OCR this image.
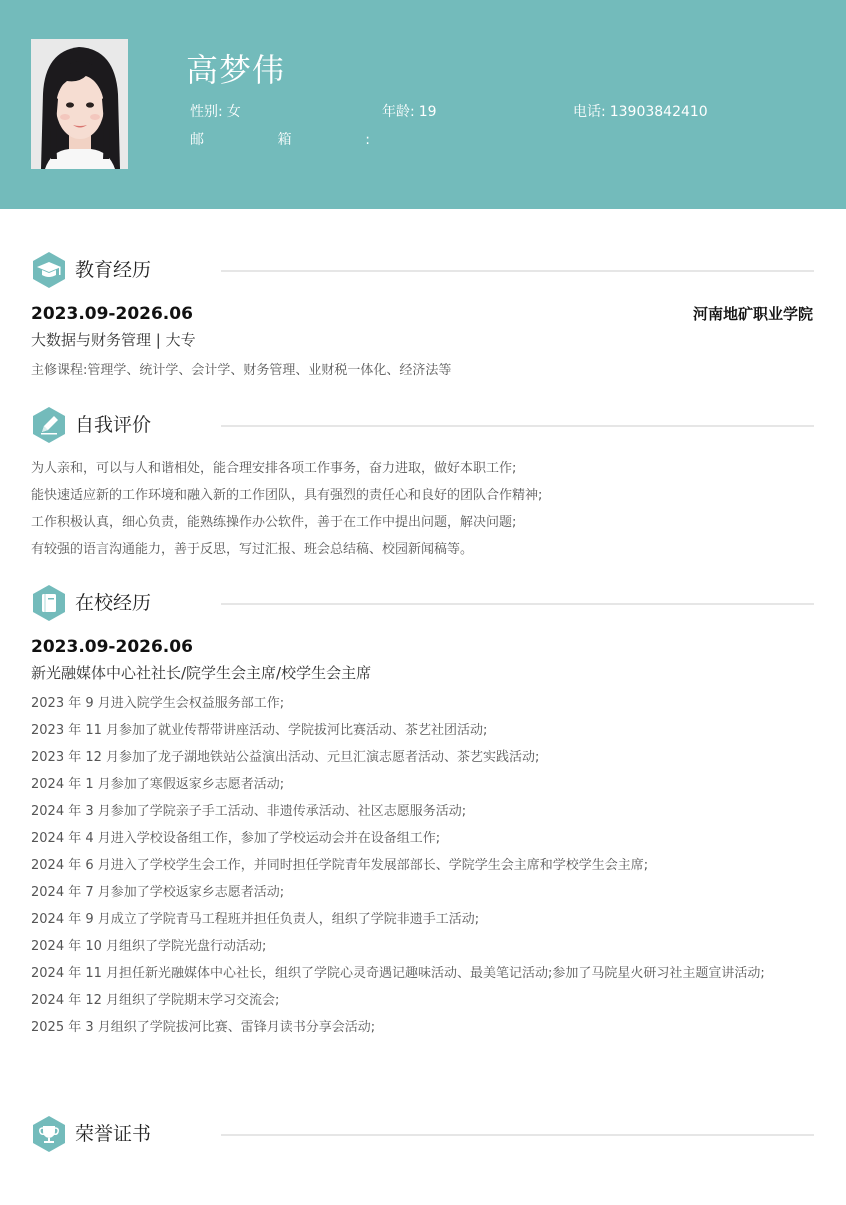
高梦伟
性别: 女	年龄: 19	电话: 13903842410
邮	箱	:
教育经历
2023.09-2026.06	河南地矿职业学院
大数据与财务管理 | 大专
主修课程:管理学、统计学、会计学、财务管理、业财税一体化、经济法等
自我评价
为人亲和，可以与人和谐相处，能合理安排各项工作事务，奋力进取，做好本职工作;
能快速适应新的工作环境和融入新的工作团队，具有强烈的责任心和良好的团队合作精神;
工作积极认真，细心负责，能熟练操作办公软件，善于在工作中提出问题，解决问题;
有较强的语言沟通能力，善于反思，写过汇报、班会总结稿、校园新闻稿等。
在校经历
2023.09-2026.06
新光融媒体中心社社长/院学生会主席/校学生会主席
2023 年 9 月进入院学生会权益服务部工作;
2023 年 11 月参加了就业传帮带讲座活动、学院拔河比赛活动、茶艺社团活动;
2023 年 12 月参加了龙子湖地铁站公益演出活动、元旦汇演志愿者活动、茶艺实践活动;
2024 年 1 月参加了寒假返家乡志愿者活动;
2024 年 3 月参加了学院亲子手工活动、非遗传承活动、社区志愿服务活动;
2024 年 4 月进入学校设备组工作，参加了学校运动会并在设备组工作;
2024 年 6 月进入了学校学生会工作，并同时担任学院青年发展部部长、学院学生会主席和学校学生会主席;
2024 年 7 月参加了学校返家乡志愿者活动;
2024 年 9 月成立了学院青马工程班并担任负责人，组织了学院非遗手工活动;
2024 年 10 月组织了学院光盘行动活动;
2024 年 11 月担任新光融媒体中心社长，组织了学院心灵奇遇记趣味活动、最美笔记活动;参加了马院星火研习社主题宣讲活动;
2024 年 12 月组织了学院期末学习交流会;
2025 年 3 月组织了学院拔河比赛、雷锋月读书分享会活动;
荣誉证书
